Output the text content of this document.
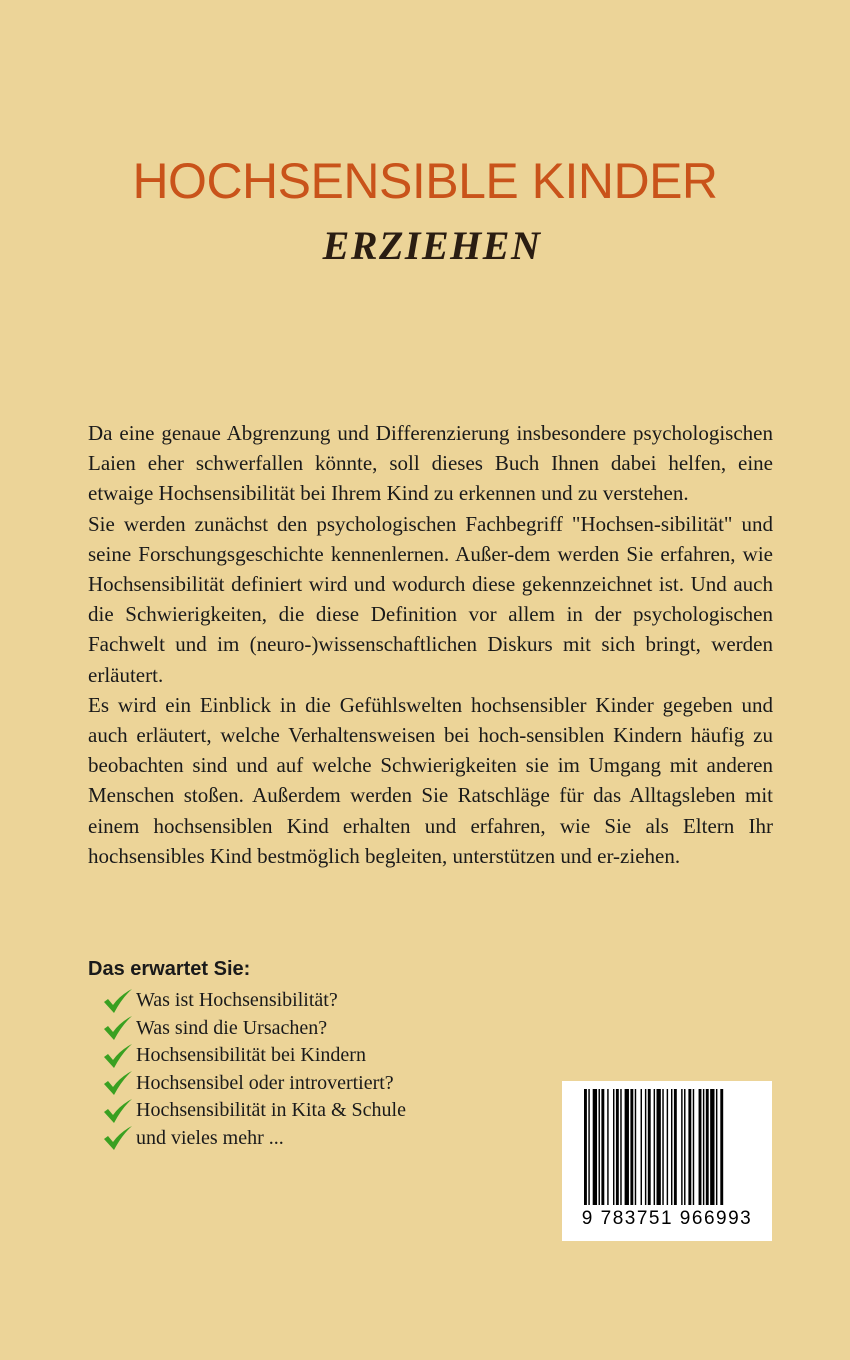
HOCHSENSIBLE KINDER
ERZIEHEN

Da eine genaue Abgrenzung und Differenzierung insbesondere psychologischen Laien eher schwerfallen könnte, soll dieses Buch Ihnen dabei helfen, eine etwaige Hochsensibilität bei Ihrem Kind zu erkennen und zu verstehen.

Sie werden zunächst den psychologischen Fachbegriff "Hochsen-sibilität" und seine Forschungsgeschichte kennenlernen. Außer-dem werden Sie erfahren, wie Hochsensibilität definiert wird und wodurch diese gekennzeichnet ist. Und auch die Schwierigkeiten, die diese Definition vor allem in der psychologischen Fachwelt und im (neuro-)wissenschaftlichen Diskurs mit sich bringt, werden erläutert.

Es wird ein Einblick in die Gefühlswelten hochsensibler Kinder gegeben und auch erläutert, welche Verhaltensweisen bei hoch-sensiblen Kindern häufig zu beobachten sind und auf welche Schwierigkeiten sie im Umgang mit anderen Menschen stoßen. Außerdem werden Sie Ratschläge für das Alltagsleben mit einem hochsensiblen Kind erhalten und erfahren, wie Sie als Eltern Ihr hochsensibles Kind bestmöglich begleiten, unterstützen und er-ziehen.

Das erwartet Sie:
Was ist Hochsensibilität?
Was sind die Ursachen?
Hochsensibilität bei Kindern
Hochsensibel oder introvertiert?
Hochsensibilität in Kita & Schule
und vieles mehr ...
9 783751 966993
